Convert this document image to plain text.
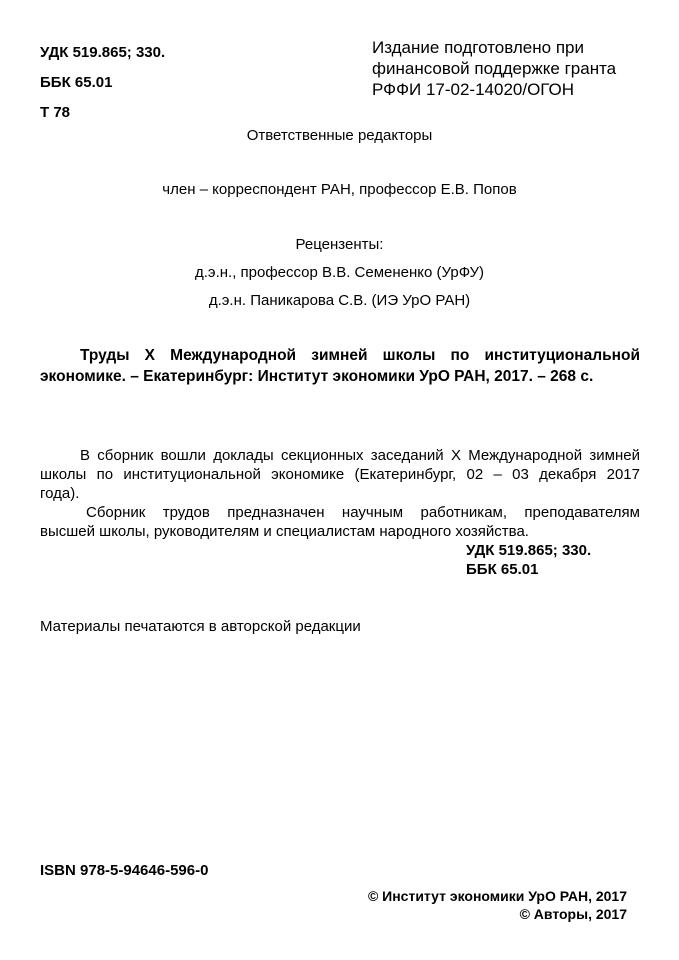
УДК 519.865; 330.
ББК 65.01
Т 78
Издание подготовлено при
финансовой поддержке гранта
РФФИ 17-02-14020/ОГОН
Ответственные редакторы
член – корреспондент РАН, профессор Е.В. Попов
Рецензенты:
д.э.н., профессор В.В. Семененко (УрФУ)
д.э.н. Паникарова С.В. (ИЭ УрО РАН)
Труды X Международной зимней школы по институциональной
экономике. – Екатеринбург: Институт экономики УрО РАН, 2017. – 268 с.
В сборник вошли доклады секционных заседаний X Международной зимней
школы по институциональной экономике (Екатеринбург, 02 – 03 декабря 2017
года).
Сборник трудов предназначен научным работникам, преподавателям
высшей школы, руководителям и специалистам народного хозяйства.
УДК 519.865; 330.
ББК 65.01
Материалы печатаются в авторской редакции
ISBN 978-5-94646-596-0
© Институт экономики УрО РАН, 2017
© Авторы, 2017
